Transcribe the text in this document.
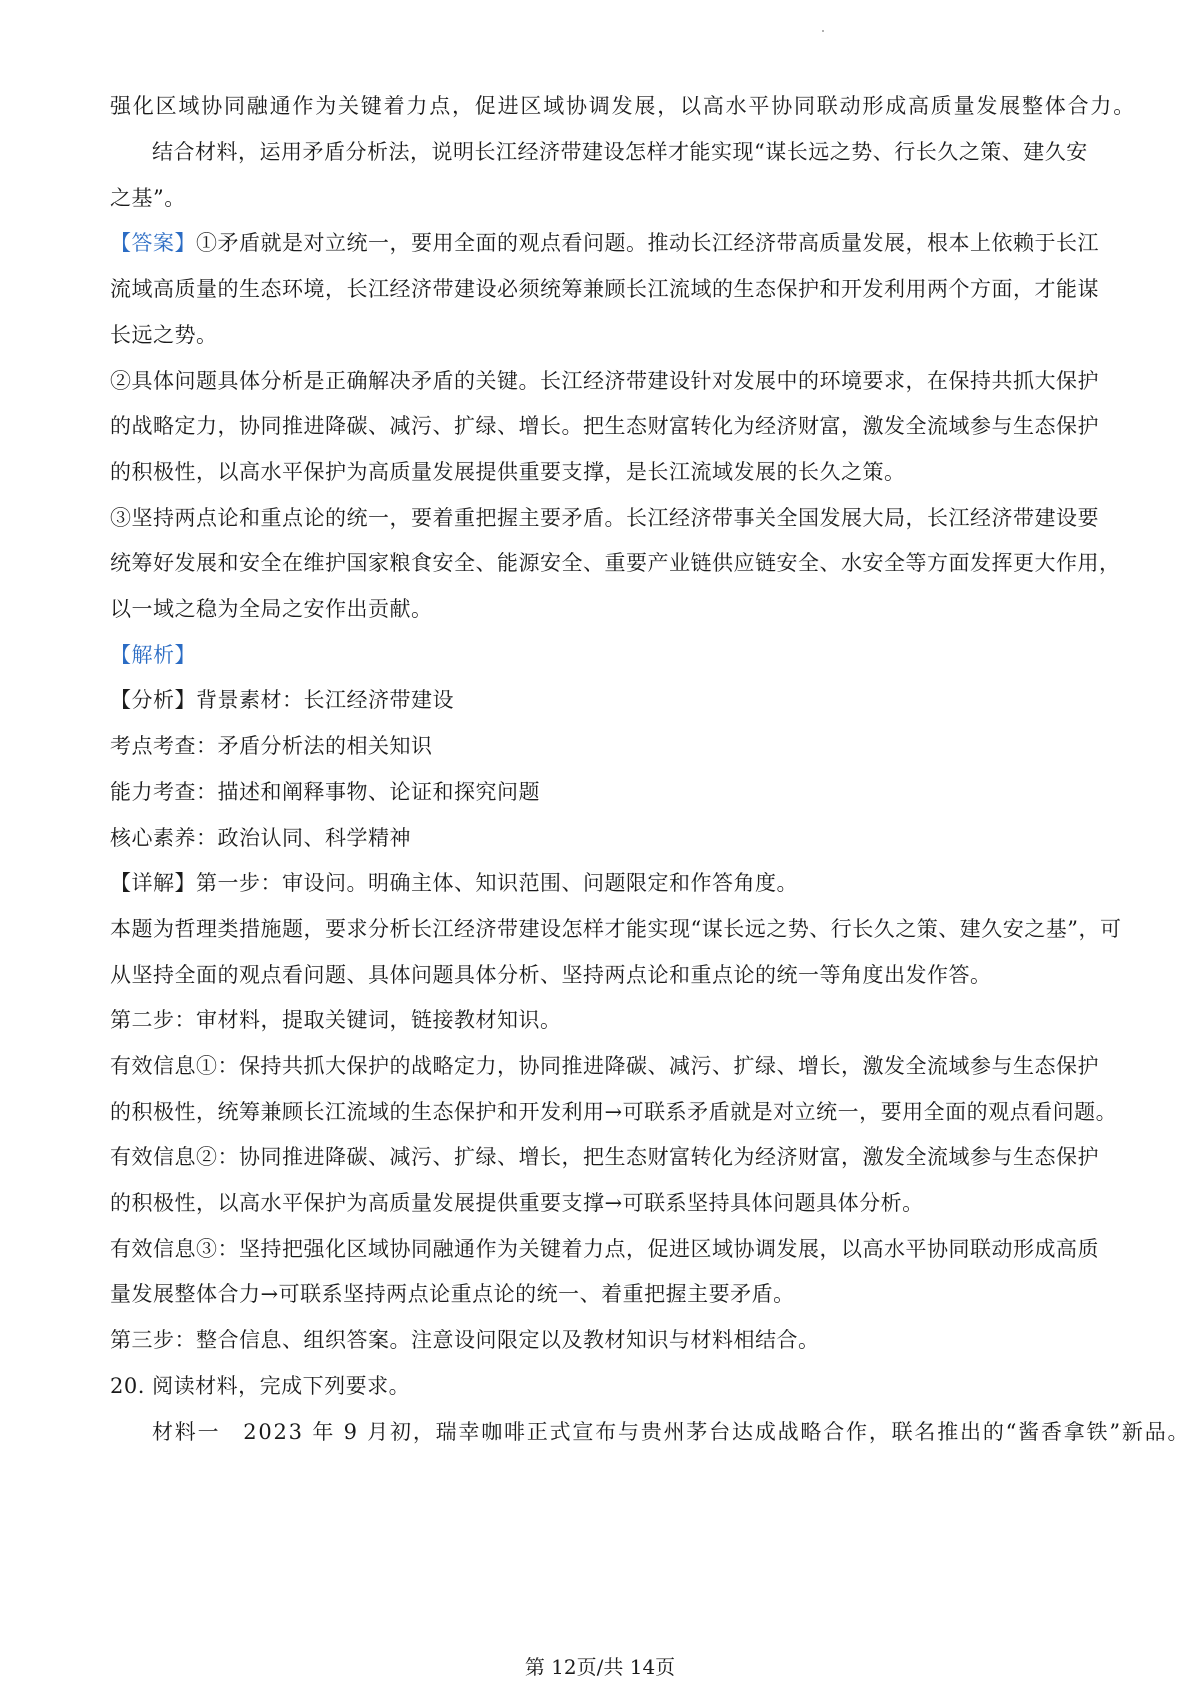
强化区域协同融通作为关键着力点，促进区域协调发展，以高水平协同联动形成高质量发展整体合力。
结合材料，运用矛盾分析法，说明长江经济带建设怎样才能实现“谋长远之势、行长久之策、建久安
之基”。
【答案】①矛盾就是对立统一，要用全面的观点看问题。推动长江经济带高质量发展，根本上依赖于长江
流域高质量的生态环境，长江经济带建设必须统筹兼顾长江流域的生态保护和开发利用两个方面，才能谋
长远之势。
②具体问题具体分析是正确解决矛盾的关键。长江经济带建设针对发展中的环境要求，在保持共抓大保护
的战略定力，协同推进降碳、减污、扩绿、增长。把生态财富转化为经济财富，激发全流域参与生态保护
的积极性，以高水平保护为高质量发展提供重要支撑，是长江流域发展的长久之策。
③坚持两点论和重点论的统一，要着重把握主要矛盾。长江经济带事关全国发展大局，长江经济带建设要
统筹好发展和安全在维护国家粮食安全、能源安全、重要产业链供应链安全、水安全等方面发挥更大作用，
以一域之稳为全局之安作出贡献。
【解析】
【分析】背景素材：长江经济带建设
考点考查：矛盾分析法的相关知识
能力考查：描述和阐释事物、论证和探究问题
核心素养：政治认同、科学精神
【详解】第一步：审设问。明确主体、知识范围、问题限定和作答角度。
本题为哲理类措施题，要求分析长江经济带建设怎样才能实现“谋长远之势、行长久之策、建久安之基”，可
从坚持全面的观点看问题、具体问题具体分析、坚持两点论和重点论的统一等角度出发作答。
第二步：审材料，提取关键词，链接教材知识。
有效信息①：保持共抓大保护的战略定力，协同推进降碳、减污、扩绿、增长，激发全流域参与生态保护
的积极性，统筹兼顾长江流域的生态保护和开发利用→可联系矛盾就是对立统一，要用全面的观点看问题。
有效信息②：协同推进降碳、减污、扩绿、增长，把生态财富转化为经济财富，激发全流域参与生态保护
的积极性，以高水平保护为高质量发展提供重要支撑→可联系坚持具体问题具体分析。
有效信息③：坚持把强化区域协同融通作为关键着力点，促进区域协调发展，以高水平协同联动形成高质
量发展整体合力→可联系坚持两点论重点论的统一、着重把握主要矛盾。
第三步：整合信息、组织答案。注意设问限定以及教材知识与材料相结合。
20. 阅读材料，完成下列要求。
材料一　2023 年 9 月初，瑞幸咖啡正式宣布与贵州茅台达成战略合作，联名推出的“酱香拿铁”新品。
第 12页/共 14页
